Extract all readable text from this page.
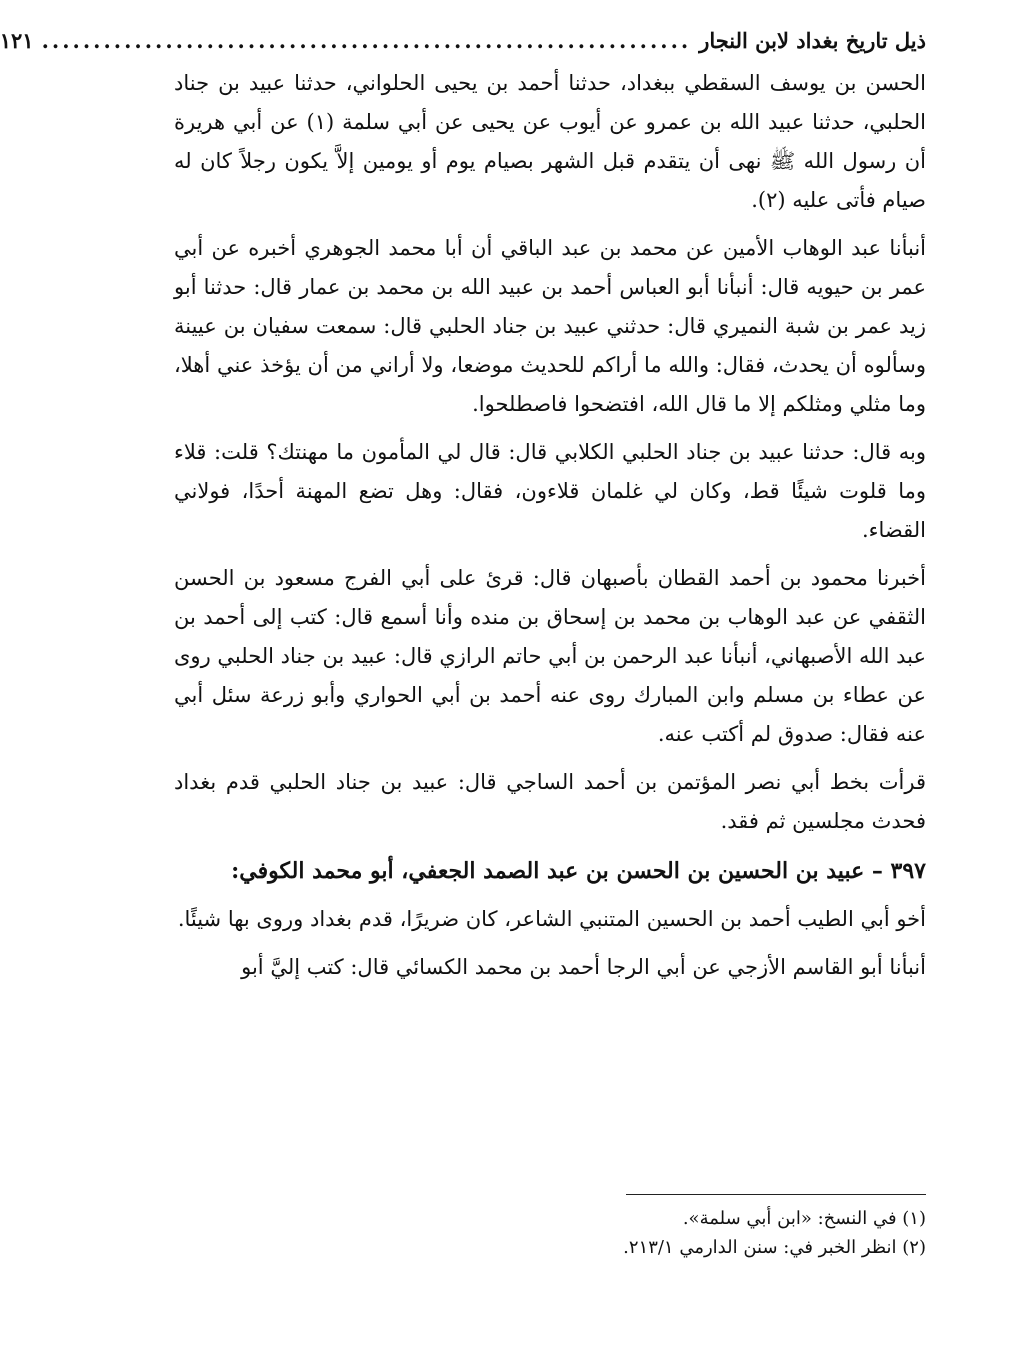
ذيل تاريخ بغداد لابن النجار
...............................................................
١٢١

الحسن بن يوسف السقطي ببغداد، حدثنا أحمد بن يحيى الحلواني، حدثنا عبيد بن جناد الحلبي، حدثنا عبيد الله بن عمرو عن أيوب عن يحيى عن أبي سلمة (١) عن أبي هريرة أن رسول الله ﷺ نهى أن يتقدم قبل الشهر بصيام يوم أو يومين إلاَّ يكون رجلاً كان له صيام فأتى عليه (٢).

أنبأنا عبد الوهاب الأمين عن محمد بن عبد الباقي أن أبا محمد الجوهري أخبره عن أبي عمر بن حيويه قال: أنبأنا أبو العباس أحمد بن عبيد الله بن محمد بن عمار قال: حدثنا أبو زيد عمر بن شبة النميري قال: حدثني عبيد بن جناد الحلبي قال: سمعت سفيان بن عيينة وسألوه أن يحدث، فقال: والله ما أراكم للحديث موضعا، ولا أراني من أن يؤخذ عني أهلا، وما مثلي ومثلكم إلا ما قال الله، افتضحوا فاصطلحوا.

وبه قال: حدثنا عبيد بن جناد الحلبي الكلابي قال: قال لي المأمون ما مهنتك؟ قلت: قلاء وما قلوت شيئًا قط، وكان لي غلمان قلاءون، فقال: وهل تضع المهنة أحدًا، فولاني القضاء.

أخبرنا محمود بن أحمد القطان بأصبهان قال: قرئ على أبي الفرج مسعود بن الحسن الثقفي عن عبد الوهاب بن محمد بن إسحاق بن منده وأنا أسمع قال: كتب إلى أحمد بن عبد الله الأصبهاني، أنبأنا عبد الرحمن بن أبي حاتم الرازي قال: عبيد بن جناد الحلبي روى عن عطاء بن مسلم وابن المبارك روى عنه أحمد بن أبي الحواري وأبو زرعة سئل أبي عنه فقال: صدوق لم أكتب عنه.

قرأت بخط أبي نصر المؤتمن بن أحمد الساجي قال: عبيد بن جناد الحلبي قدم بغداد فحدث مجلسين ثم فقد.

٣٩٧ – عبيد بن الحسين بن الحسن بن عبد الصمد الجعفي، أبو محمد الكوفي:

أخو أبي الطيب أحمد بن الحسين المتنبي الشاعر، كان ضريرًا، قدم بغداد وروى بها شيئًا.

أنبأنا أبو القاسم الأزجي عن أبي الرجا أحمد بن محمد الكسائي قال: كتب إليَّ أبو

(١) في النسخ: «ابن أبي سلمة».
(٢) انظر الخبر في: سنن الدارمي ٢١٣/١.
